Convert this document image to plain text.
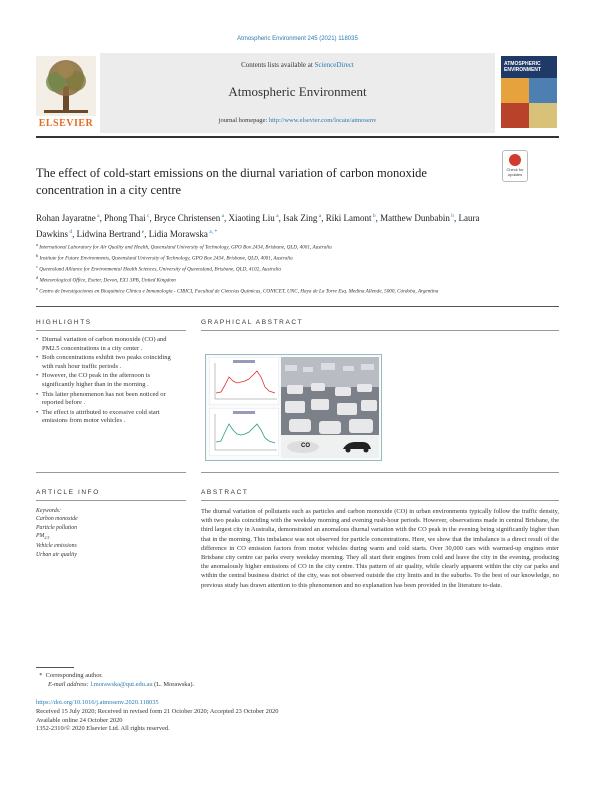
Atmospheric Environment 245 (2021) 118035
ELSEVIER
Contents lists available at ScienceDirect
Atmospheric Environment
journal homepage: http://www.elsevier.com/locate/atmosenv
ATMOSPHERIC ENVIRONMENT
Check for updates
The effect of cold-start emissions on the diurnal variation of carbon monoxide concentration in a city centre
Rohan Jayaratne $^a$, Phong Thai $^c$, Bryce Christensen $^a$, Xiaoting Liu $^a$, Isak Zing $^a$, Riki Lamont $^b$, Matthew Dunbabin $^b$, Laura Dawkins $^d$, Lidwina Bertrand $^e$, Lidia Morawska $^{a, *}$
$^a$ International Laboratory for Air Quality and Health, Queensland University of Technology, GPO Box 2434, Brisbane, QLD, 4001, Australia
$^b$ Institute for Future Environments, Queensland University of Technology, GPO Box 2434, Brisbane, QLD, 4001, Australia
$^c$ Queensland Alliance for Environmental Health Sciences, University of Queensland, Brisbane, QLD, 4102, Australia
$^d$ Meteorological Office, Exeter, Devon, EX1 3PB, United Kingdom
$^e$ Centro de Investigaciones en Bioquímica Clínica e Inmunología - CIBICI, Facultad de Ciencias Químicas, CONICET, UNC, Haya de La Torre Esq. Medina Allende, 5000, Córdoba, Argentina
HIGHLIGHTS	GRAPHICAL ABSTRACT
• Diurnal variation of carbon monoxide (CO) and PM2.5 concentrations in a city center .
• Both concentrations exhibit two peaks coinciding with rush hour traffic periods .
• However, the CO peak in the afternoon is significantly higher than in the morning .
• This latter phenomenon has not been noticed or reported before .
• The effect is attributed to excessive cold start emissions from motor vehicles .
CO
ARTICLE INFO	ABSTRACT
Keywords:
Carbon monoxide
Particle pollution
$PM_{2.5}$
Vehicle emissions
Urban air quality
The diurnal variation of pollutants such as particles and carbon monoxide (CO) in urban environments typically follow the traffic density, with two peaks coinciding with the weekday morning and evening rush-hour periods. However, observations made in central Brisbane, the third largest city in Australia, demonstrated an anomalous diurnal variation with the CO peak in the evening being significantly higher than that in the morning. This imbalance was not observed for particle concentrations. Here, we show that the imbalance is a direct result of the difference in CO emission factors from motor vehicles during warm and cold starts. Over 30,000 cars with warmed-up engines enter Brisbane city centre car parks every weekday morning. They all start their engines from cold and leave the city in the evening, producing the anomalously higher emissions of CO in the city centre. This pattern of air quality, while clearly apparent within the city car parks and within the central business district of the city, was not observed outside the city limits and in the suburbs. To the best of our knowledge, no previous study has drawn attention to this phenomenon and no explanation has been provided in the literature to-date.
* Corresponding author.
E-mail address: l.morawska@qut.edu.au (L. Morawska).
https://doi.org/10.1016/j.atmosenv.2020.118035
Received 15 July 2020; Received in revised form 21 October 2020; Accepted 23 October 2020
Available online 24 October 2020
1352-2310/© 2020 Elsevier Ltd. All rights reserved.
